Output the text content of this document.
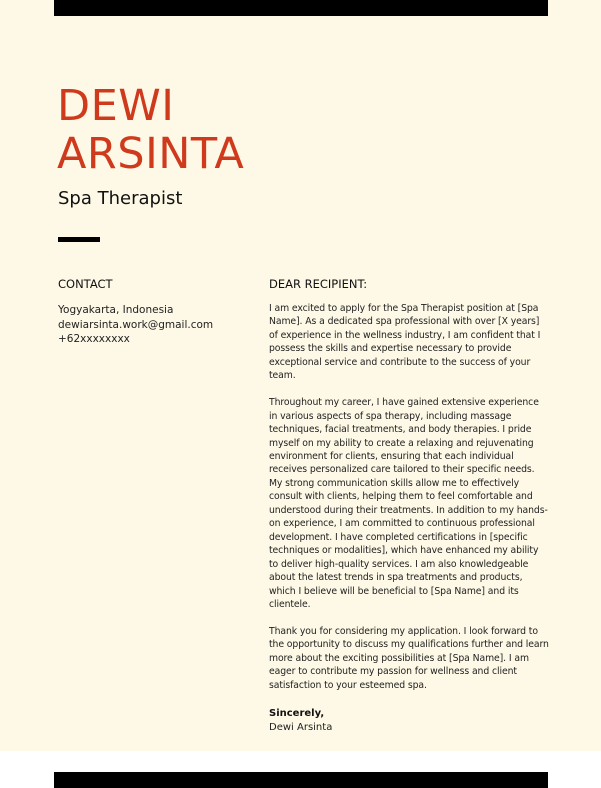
DEWI
ARSINTA
Spa Therapist
CONTACT
Yogyakarta, Indonesia
dewiarsinta.work@gmail.com
+62xxxxxxxx
DEAR RECIPIENT:

I am excited to apply for the Spa Therapist position at [Spa Name]. As a dedicated spa professional with over [X years] of experience in the wellness industry, I am confident that I possess the skills and expertise necessary to provide exceptional service and contribute to the success of your team.

Throughout my career, I have gained extensive experience in various aspects of spa therapy, including massage techniques, facial treatments, and body therapies. I pride myself on my ability to create a relaxing and rejuvenating environment for clients, ensuring that each individual receives personalized care tailored to their specific needs. My strong communication skills allow me to effectively consult with clients, helping them to feel comfortable and understood during their treatments. In addition to my hands-on experience, I am committed to continuous professional development. I have completed certifications in [specific techniques or modalities], which have enhanced my ability to deliver high-quality services. I am also knowledgeable about the latest trends in spa treatments and products, which I believe will be beneficial to [Spa Name] and its clientele.

Thank you for considering my application. I look forward to the opportunity to discuss my qualifications further and learn more about the exciting possibilities at [Spa Name]. I am eager to contribute my passion for wellness and client satisfaction to your esteemed spa.

Sincerely,
Dewi Arsinta
